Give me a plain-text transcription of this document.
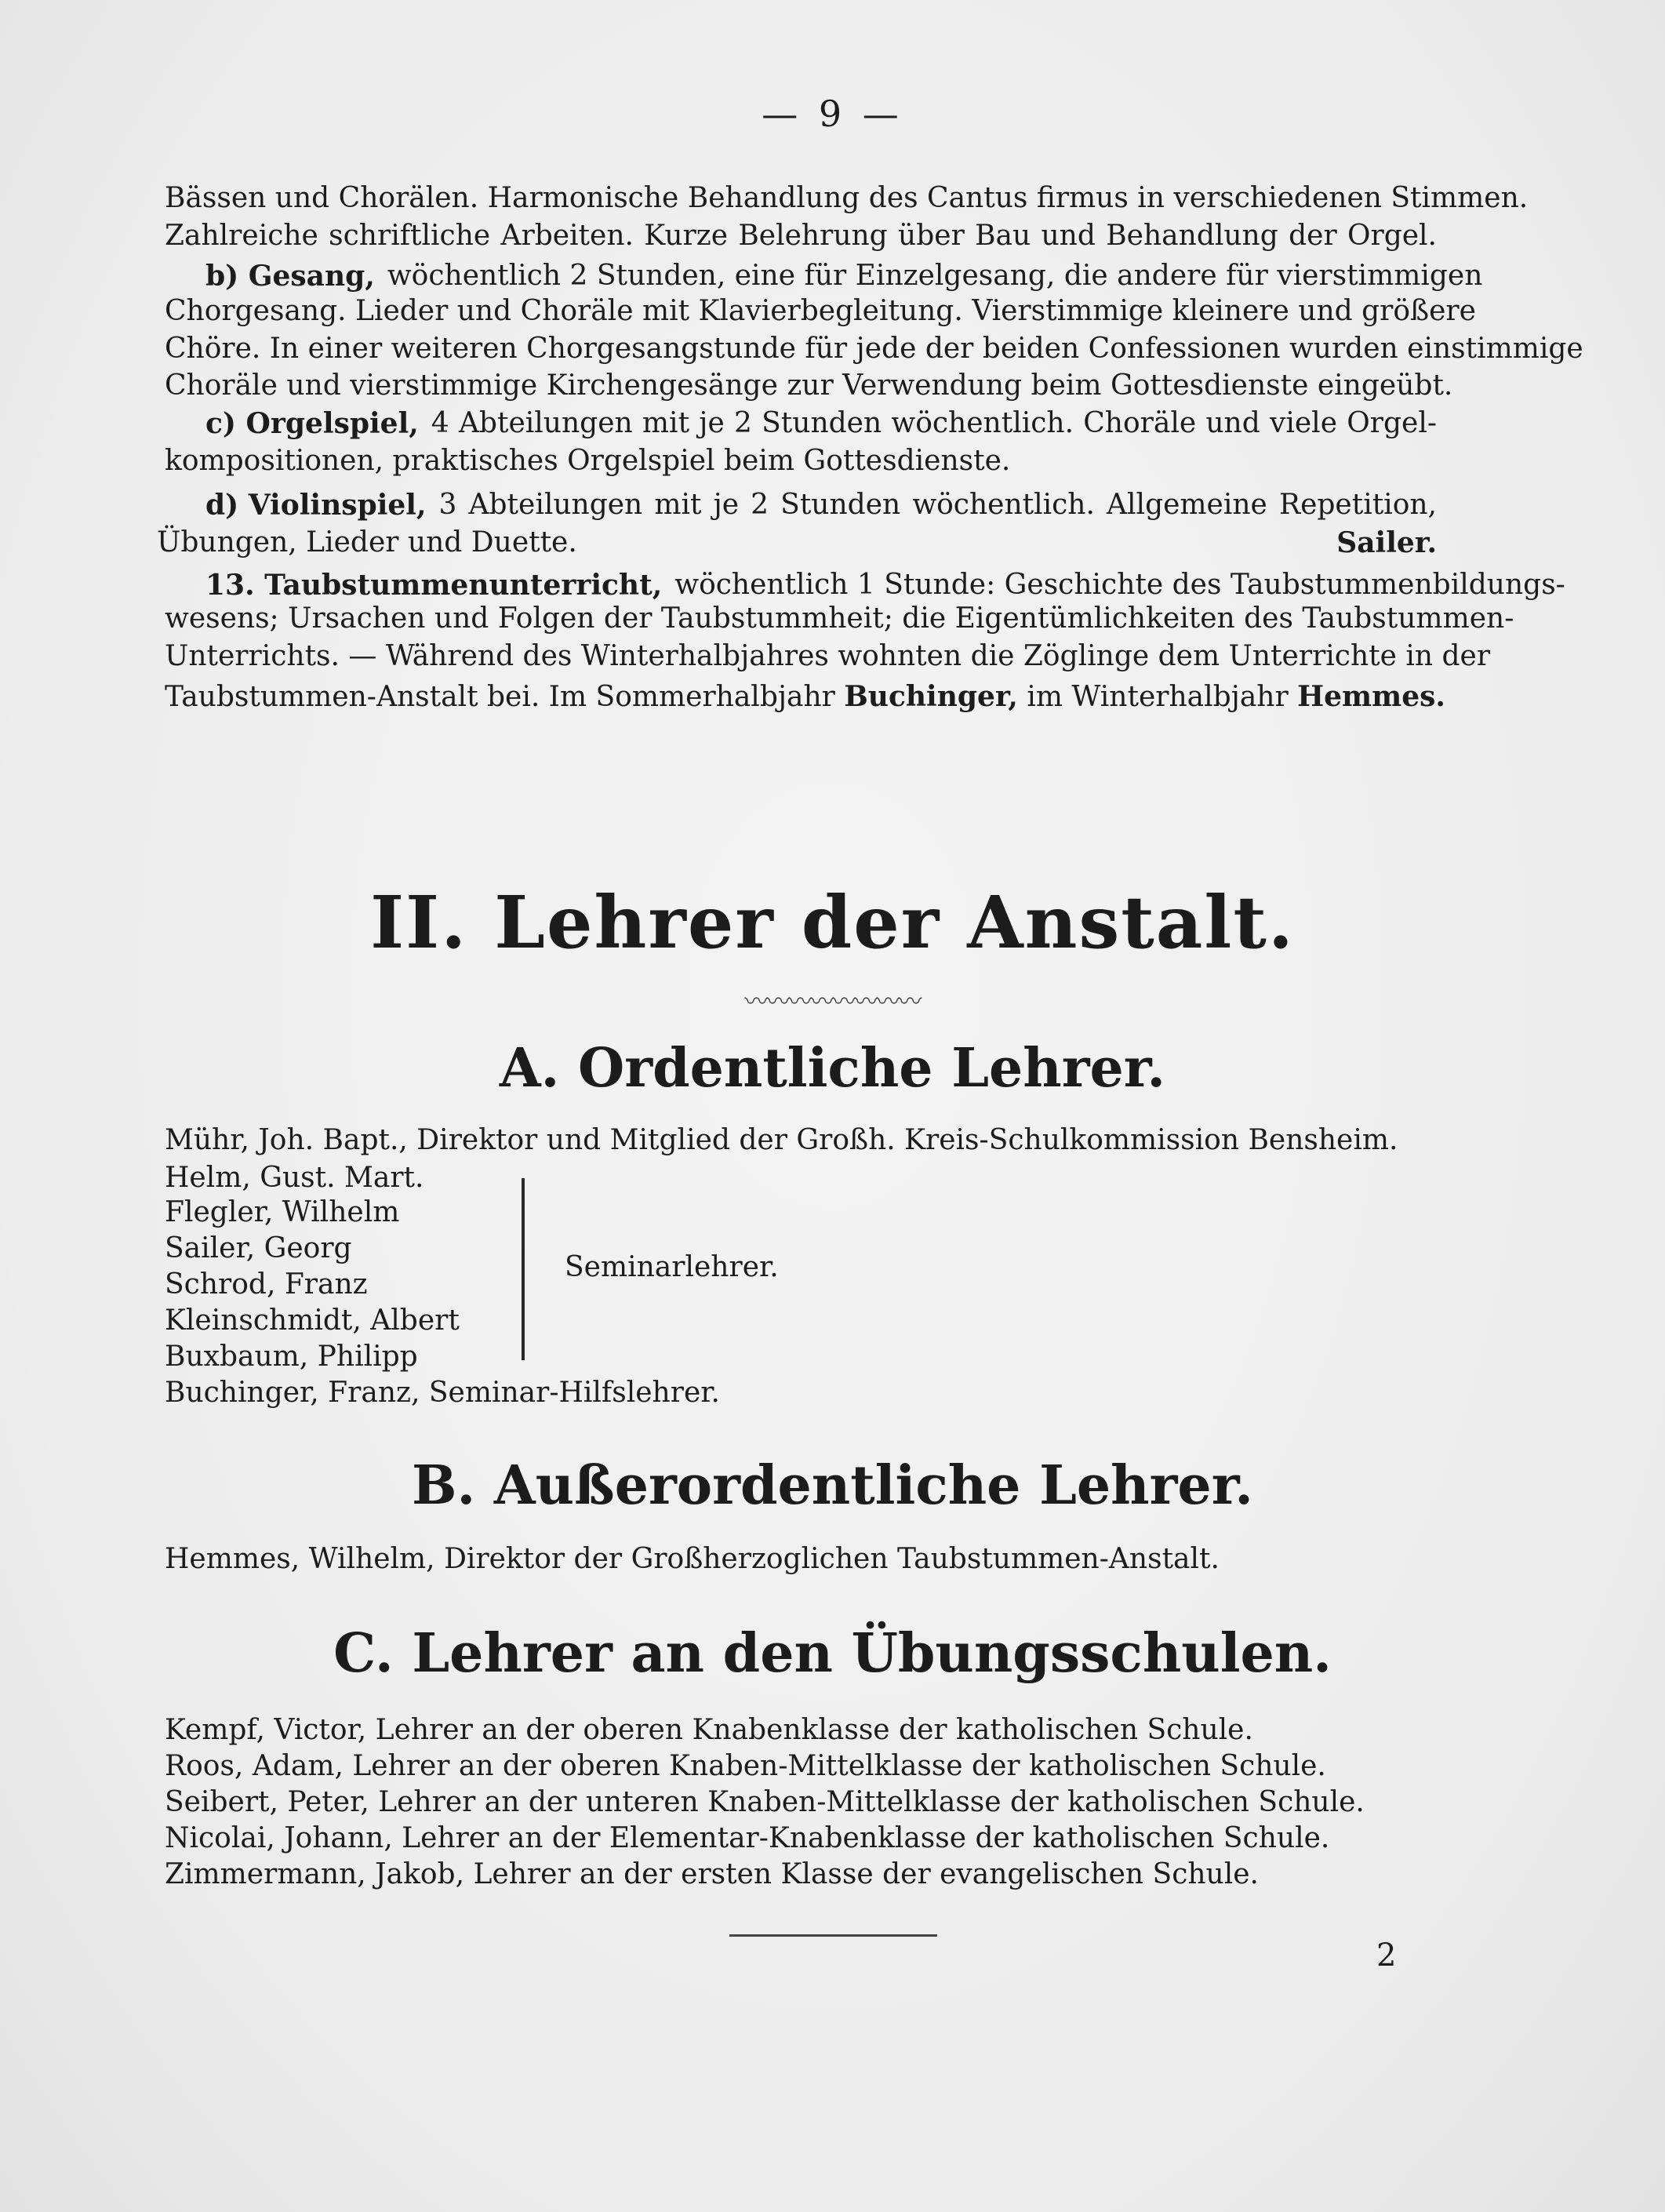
— 9 —
Bässen und Chorälen. Harmonische Behandlung des Cantus firmus in verschiedenen Stimmen.
Zahlreiche schriftliche Arbeiten. Kurze Belehrung über Bau und Behandlung der Orgel.
b) Gesang, wöchentlich 2 Stunden, eine für Einzelgesang, die andere für vierstimmigen
Chorgesang. Lieder und Choräle mit Klavierbegleitung. Vierstimmige kleinere und größere
Chöre. In einer weiteren Chorgesangstunde für jede der beiden Confessionen wurden einstimmige
Choräle und vierstimmige Kirchengesänge zur Verwendung beim Gottesdienste eingeübt.
c) Orgelspiel, 4 Abteilungen mit je 2 Stunden wöchentlich. Choräle und viele Orgel-
kompositionen, praktisches Orgelspiel beim Gottesdienste.
d) Violinspiel, 3 Abteilungen mit je 2 Stunden wöchentlich. Allgemeine Repetition,
Übungen, Lieder und Duette.	Sailer.
13. Taubstummenunterricht, wöchentlich 1 Stunde: Geschichte des Taubstummenbildungs-
wesens; Ursachen und Folgen der Taubstummheit; die Eigentümlichkeiten des Taubstummen-
Unterrichts. — Während des Winterhalbjahres wohnten die Zöglinge dem Unterrichte in der
Taubstummen-Anstalt bei. Im Sommerhalbjahr Buchinger, im Winterhalbjahr Hemmes.
II. Lehrer der Anstalt.
〰〰〰〰〰〰〰〰
A. Ordentliche Lehrer.
Mühr, Joh. Bapt., Direktor und Mitglied der Großh. Kreis-Schulkommission Bensheim.
Helm, Gust. Mart.
Flegler, Wilhelm
Sailer, Georg
Schrod, Franz
Kleinschmidt, Albert
Buxbaum, Philipp
Buchinger, Franz, Seminar-Hilfslehrer.
Seminarlehrer.
B. Außerordentliche Lehrer.
Hemmes, Wilhelm, Direktor der Großherzoglichen Taubstummen-Anstalt.
C. Lehrer an den Übungsschulen.
Kempf, Victor, Lehrer an der oberen Knabenklasse der katholischen Schule.
Roos, Adam, Lehrer an der oberen Knaben-Mittelklasse der katholischen Schule.
Seibert, Peter, Lehrer an der unteren Knaben-Mittelklasse der katholischen Schule.
Nicolai, Johann, Lehrer an der Elementar-Knabenklasse der katholischen Schule.
Zimmermann, Jakob, Lehrer an der ersten Klasse der evangelischen Schule.
2
